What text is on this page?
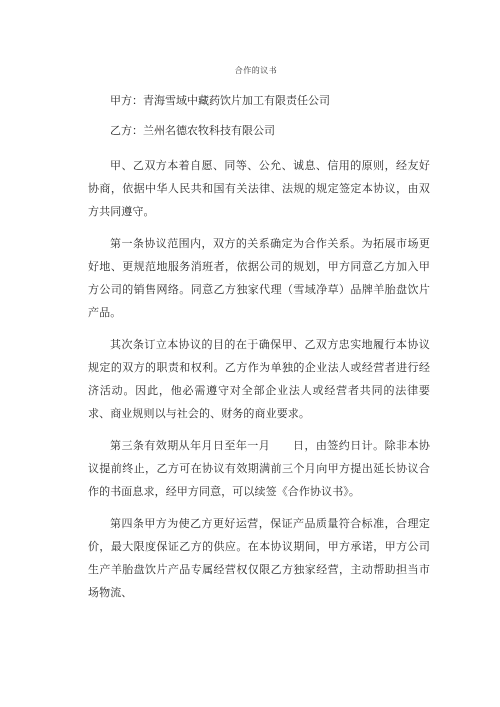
合作的议书
甲方：青海雪域中藏药饮片加工有限责任公司
乙方：兰州名德农牧科技有限公司

甲、乙双方本着自愿、同等、公允、诚息、信用的原则，经友好协商，依据中华人民共和国有关法律、法规的规定签定本协议，由双方共同遵守。

第一条协议范围内，双方的关系确定为合作关系。为拓展市场更好地、更规范地服务消班者，依据公司的规划，甲方同意乙方加入甲方公司的销售网络。同意乙方独家代理（雪域净草）品牌羊胎盘饮片产品。

其次条订立本协议的目的在于确保甲、乙双方忠实地履行本协议规定的双方的职责和权利。乙方作为单独的企业法人或经营者进行经济活动。因此，他必需遵守对全部企业法人或经营者共同的法律要求、商业规则以与社会的、财务的商业要求。

第三条有效期从年月日至年一月　　日，由签约日计。除非本协议提前终止，乙方可在协议有效期满前三个月向甲方提出延长协议合作的书面息求，经甲方同意，可以续签《合作协议书》。

第四条甲方为使乙方更好运营，保证产品质量符合标准，合理定价，最大限度保证乙方的供应。在本协议期间，甲方承诺，甲方公司生产羊胎盘饮片产品专属经营权仅限乙方独家经营，主动帮助担当市场物流、
